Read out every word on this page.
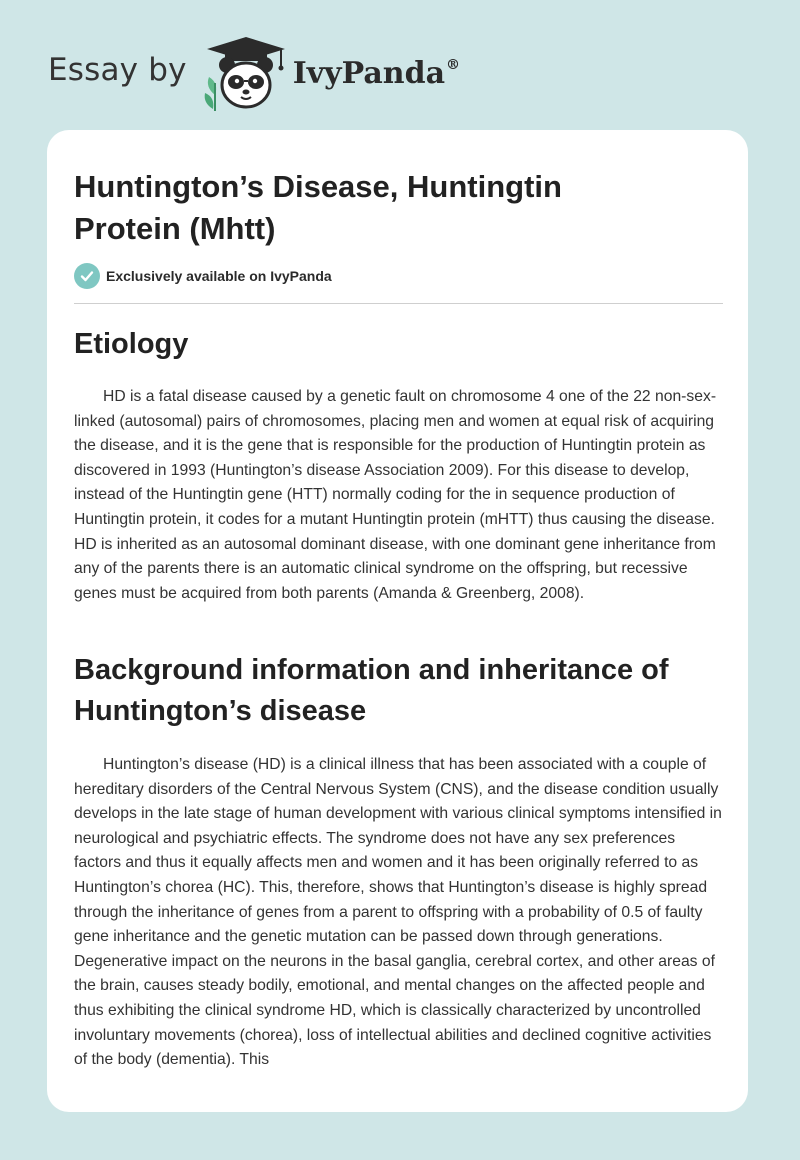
Essay by	IvyPanda®
Huntington’s Disease, Huntingtin Protein (Mhtt)
Exclusively available on IvyPanda
Etiology

HD is a fatal disease caused by a genetic fault on chromosome 4 one of the 22 non-sex-linked (autosomal) pairs of chromosomes, placing men and women at equal risk of acquiring the disease, and it is the gene that is responsible for the production of Huntingtin protein as discovered in 1993 (Huntington’s disease Association 2009). For this disease to develop, instead of the Huntingtin gene (HTT) normally coding for the in sequence production of Huntingtin protein, it codes for a mutant Huntingtin protein (mHTT) thus causing the disease. HD is inherited as an autosomal dominant disease, with one dominant gene inheritance from any of the parents there is an automatic clinical syndrome on the offspring, but recessive genes must be acquired from both parents (Amanda & Greenberg, 2008).

Background information and inheritance of Huntington’s disease

Huntington’s disease (HD) is a clinical illness that has been associated with a couple of hereditary disorders of the Central Nervous System (CNS), and the disease condition usually develops in the late stage of human development with various clinical symptoms intensified in neurological and psychiatric effects. The syndrome does not have any sex preferences factors and thus it equally affects men and women and it has been originally referred to as Huntington’s chorea (HC). This, therefore, shows that Huntington’s disease is highly spread through the inheritance of genes from a parent to offspring with a probability of 0.5 of faulty gene inheritance and the genetic mutation can be passed down through generations. Degenerative impact on the neurons in the basal ganglia, cerebral cortex, and other areas of the brain, causes steady bodily, emotional, and mental changes on the affected people and thus exhibiting the clinical syndrome HD, which is classically characterized by uncontrolled involuntary movements (chorea), loss of intellectual abilities and declined cognitive activities of the body (dementia). This
